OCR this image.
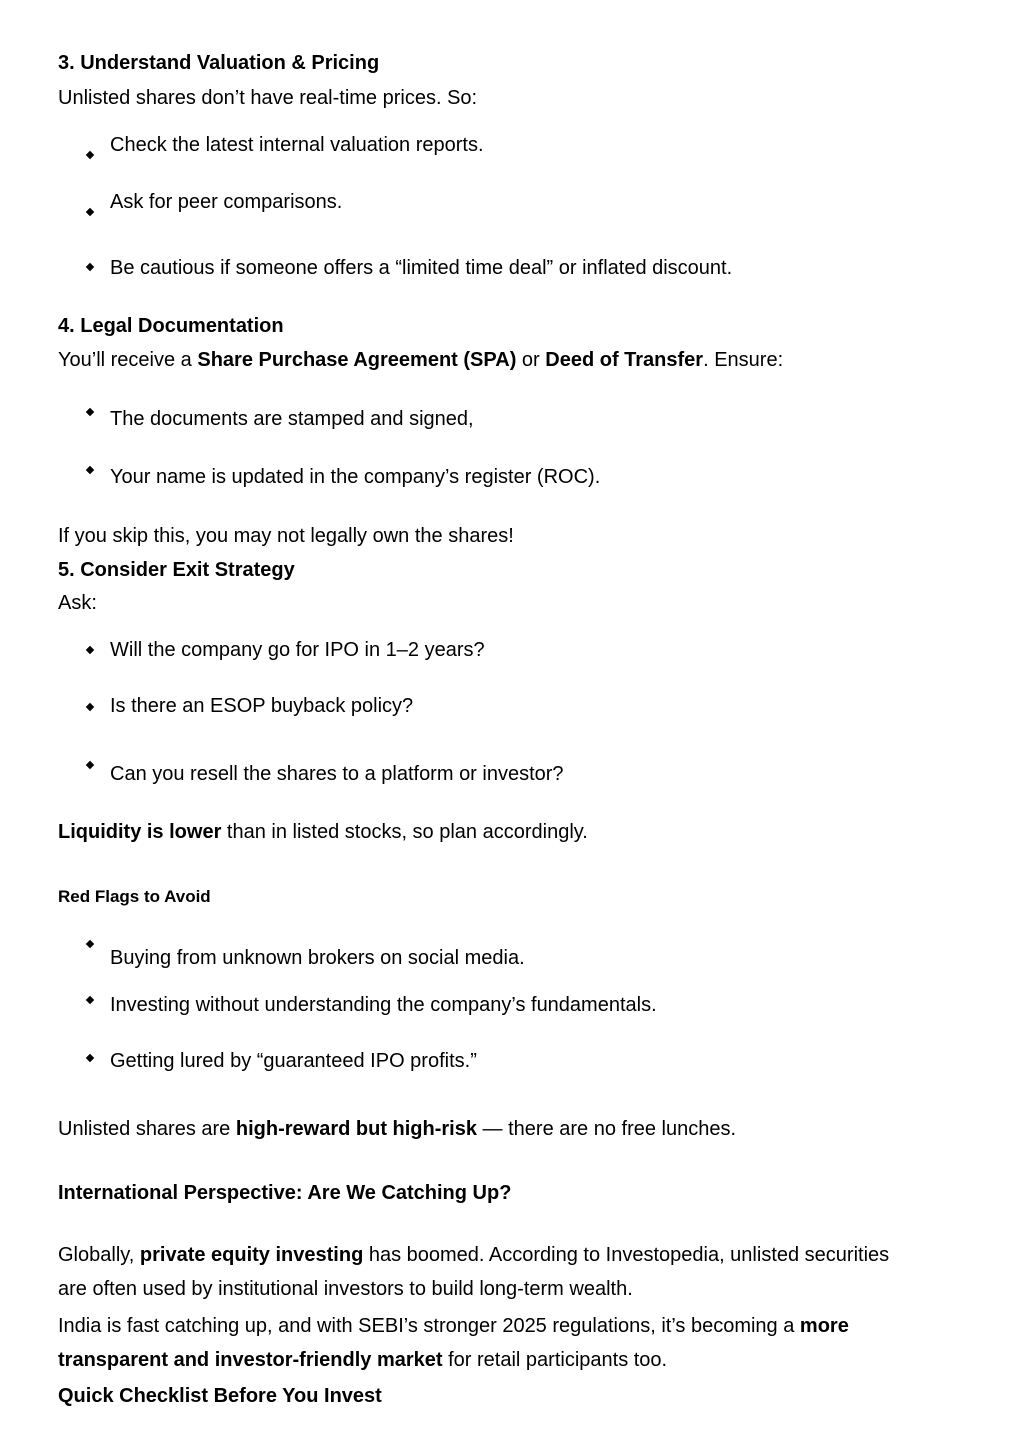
3. Understand Valuation & Pricing
Unlisted shares don’t have real-time prices. So:
Check the latest internal valuation reports.
Ask for peer comparisons.
Be cautious if someone offers a “limited time deal” or inflated discount.
4. Legal Documentation
You’ll receive a Share Purchase Agreement (SPA) or Deed of Transfer. Ensure:
The documents are stamped and signed,
Your name is updated in the company’s register (ROC).
If you skip this, you may not legally own the shares!
5. Consider Exit Strategy
Ask:
Will the company go for IPO in 1–2 years?
Is there an ESOP buyback policy?
Can you resell the shares to a platform or investor?
Liquidity is lower than in listed stocks, so plan accordingly.
Red Flags to Avoid
Buying from unknown brokers on social media.
Investing without understanding the company’s fundamentals.
Getting lured by “guaranteed IPO profits.”
Unlisted shares are high-reward but high-risk — there are no free lunches.
International Perspective: Are We Catching Up?
Globally, private equity investing has boomed. According to Investopedia, unlisted securities
are often used by institutional investors to build long-term wealth.
India is fast catching up, and with SEBI’s stronger 2025 regulations, it’s becoming a more
transparent and investor-friendly market for retail participants too.
Quick Checklist Before You Invest
